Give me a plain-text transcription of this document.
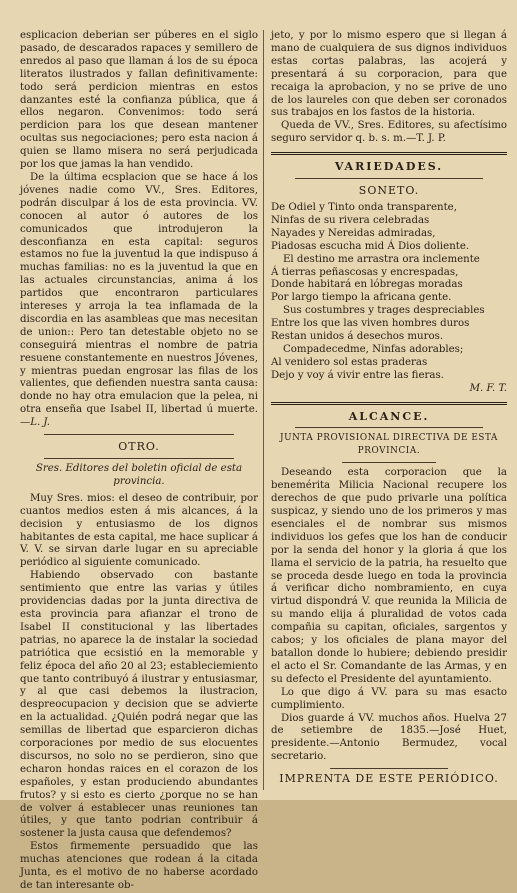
esplicacion deberian ser púberes en el siglo pasado, de descarados rapaces y semillero de enredos al paso que llaman á los de su época literatos ilustrados y fallan definitivamente: todo será perdicion mientras en estos danzantes esté la confianza pública, que á ellos negaron. Convenimos: todo será perdicion para los que desean mantener ocultas sus negociaciones; pero esta nacion á quien se llamo misera no será perjudicada por los que jamas la han vendido.

De la última ecsplacion que se hace á los jóvenes nadie como VV., Sres. Editores, podrán disculpar á los de esta provincia. VV. conocen al autor ó autores de los comunicados que introdujeron la desconfianza en esta capital: seguros estamos no fue la juventud la que indispuso á muchas familias: no es la juventud la que en las actuales circunstancias, anima á los partidos que encontraron particulares intereses y arroja la tea inflamada de la discordia en las asambleas que mas necesitan de union:: Pero tan detestable objeto no se conseguirá mientras el nombre de patria resuene constantemente en nuestros Jóvenes, y mientras puedan engrosar las filas de los valientes, que defienden nuestra santa causa: donde no hay otra emulacion que la pelea, ni otra enseña que Isabel II, libertad ú muerte. —L. J.

OTRO.

Sres. Editores del boletin oficial de esta provincia.

Muy Sres. mios: el deseo de contribuir, por cuantos medios esten á mis alcances, á la decision y entusiasmo de los dignos habitantes de esta capital, me hace suplicar á V. V. se sirvan darle lugar en su apreciable periódico al siguiente comunicado.

Habiendo observado con bastante sentimiento que entre las varias y útiles providencias dadas por la junta directiva de esta provincia para afianzar el trono de Isabel II constitucional y las libertades patrias, no aparece la de instalar la sociedad patriótica que ecsistió en la memorable y feliz época del año 20 al 23; estableciemiento que tanto contribuyó á ilustrar y entusiasmar, y al que casi debemos la ilustracion, despreocupacion y decision que se advierte en la actualidad. ¿Quién podrá negar que las semillas de libertad que esparcieron dichas corporaciones por medio de sus elocuentes discursos, no solo no se perdieron, sino que echaron hondas raices en el corazon de los españoles, y estan produciendo abundantes frutos? y si esto es cierto ¿porque no se han de volver á establecer unas reuniones tan útiles, y que tanto podrian contribuir á sostener la justa causa que defendemos?

Estos firmemente persuadido que las muchas atenciones que rodean á la citada Junta, es el motivo de no haberse acordado de tan interesante ob-

jeto, y por lo mismo espero que si llegan á mano de cualquiera de sus dignos individuos estas cortas palabras, las acojerá y presentará á su corporacion, para que recaiga la aprobacion, y no se prive de uno de los laureles con que deben ser coronados sus trabajos en los fastos de la historia.

Queda de VV., Sres. Editores, su afectísimo seguro servidor q. b. s. m.—T. J. P.

VARIEDADES.
SONETO.

De Odiel y Tinto onda transparente,

Ninfas de su rivera celebradas

Nayades y Nereidas admiradas,

Piadosas escucha mid Á Dios doliente.

El destino me arrastra ora inclemente

Á tierras peñascosas y encrespadas,

Donde habitará en lóbregas moradas

Por largo tiempo la africana gente.

Sus costumbres y trages despreciables

Entre los que las viven hombres duros

Restan unidos á desechos muros.

Compadecedme, Ninfas adorables;

Al venidero sol estas praderas

Dejo y voy á vivir entre las fieras.

M. F. T.
ALCANCE.
JUNTA PROVISIONAL DIRECTIVA DE ESTA PROVINCIA.

Deseando esta corporacion que la benemérita Milicia Nacional recupere los derechos de que pudo privarle una política suspicaz, y siendo uno de los primeros y mas esenciales el de nombrar sus mismos individuos los gefes que los han de conducir por la senda del honor y la gloria á que los llama el servicio de la patria, ha resuelto que se proceda desde luego en toda la provincia á verificar dicho nombramiento, en cuya virtud dispondrá V. que reunida la Milicia de su mando elija á pluralidad de votos cada compañia su capitan, oficiales, sargentos y cabos; y los oficiales de plana mayor del batallon donde lo hubiere; debiendo presidir el acto el Sr. Comandante de las Armas, y en su defecto el Presidente del ayuntamiento.

Lo que digo á VV. para su mas esacto cumplimiento.

Dios guarde á VV. muchos años. Huelva 27 de setiembre de 1835.—José Huet, presidente.—Antonio Bermudez, vocal secretario.

IMPRENTA DE ESTE PERIÓDICO.
